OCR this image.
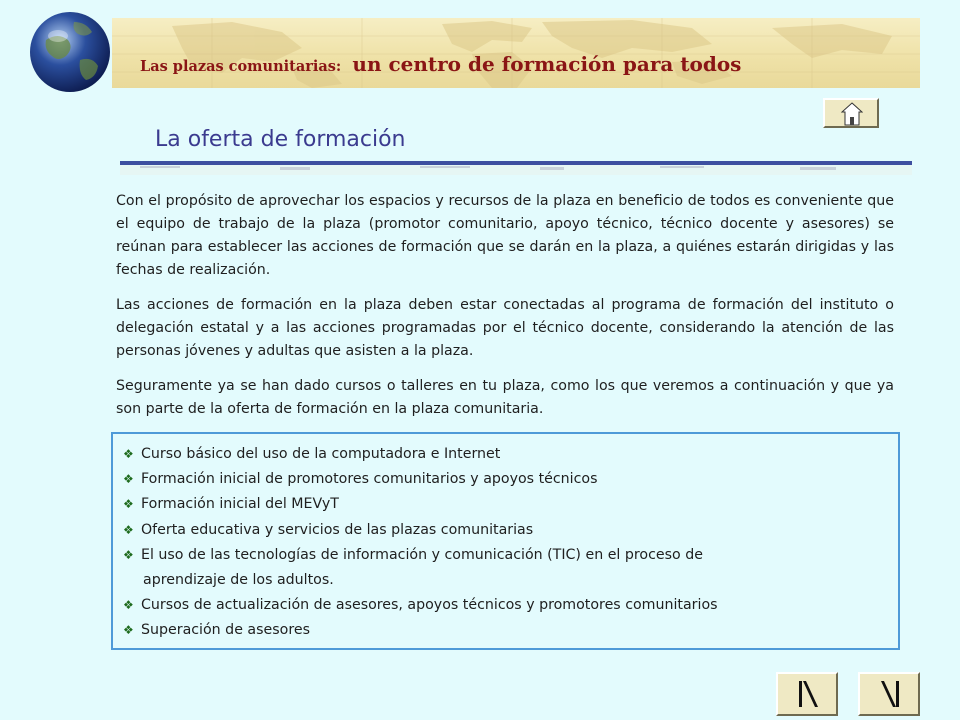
Las plazas comunitarias: un centro de formación para todos
La oferta de formación

Con el propósito de aprovechar los espacios y recursos de la plaza en beneficio de todos es conveniente que el equipo de trabajo de la plaza (promotor comunitario, apoyo técnico, técnico docente y asesores) se reúnan para establecer las acciones de formación que se darán en la plaza, a quiénes estarán dirigidas y las fechas de realización.

Las acciones de formación en la plaza deben estar conectadas al programa de formación del instituto o delegación estatal y a las acciones programadas por el técnico docente, considerando la atención de las personas jóvenes y adultas que asisten a la plaza.

Seguramente ya se han dado cursos o talleres en tu plaza, como los que veremos a continuación y que ya son parte de la oferta de formación en la plaza comunitaria.

❖ Curso básico del uso de la computadora e Internet
❖ Formación inicial de promotores comunitarios y apoyos técnicos
❖ Formación inicial del MEVyT
❖ Oferta educativa y servicios de las plazas comunitarias
❖ El uso de las tecnologías de información y comunicación (TIC) en el proceso de
aprendizaje de los adultos.
❖ Cursos de actualización de asesores, apoyos técnicos y promotores comunitarios
❖ Superación de asesores
